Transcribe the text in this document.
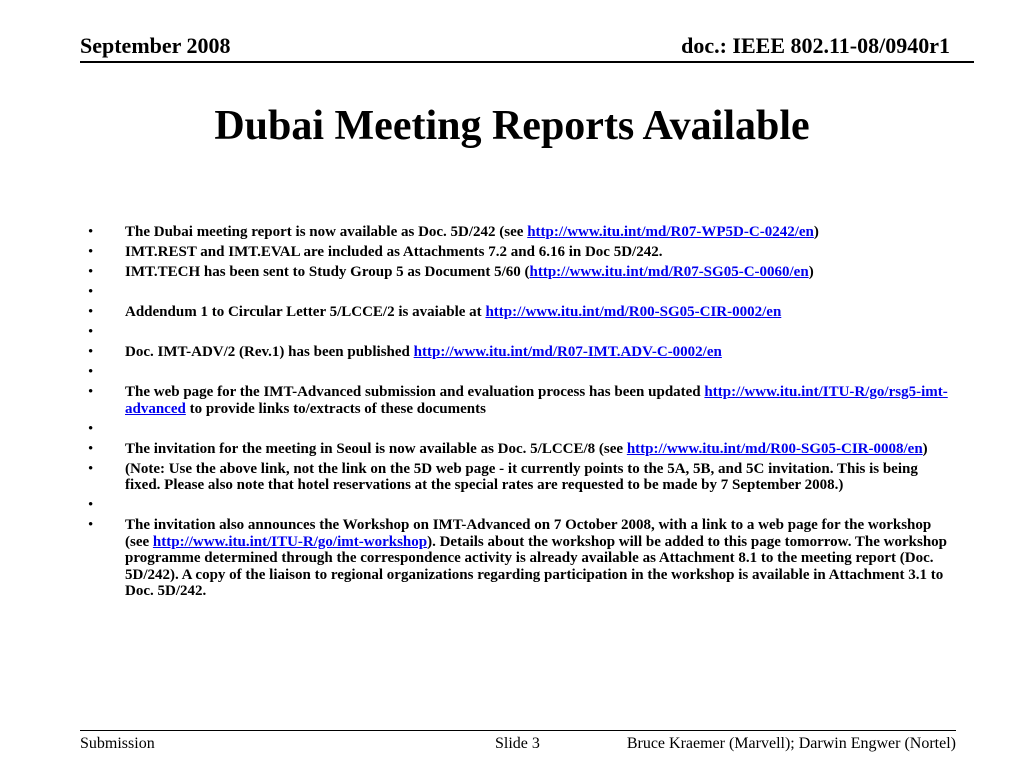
September 2008	doc.: IEEE 802.11-08/0940r1
Dubai Meeting Reports Available
• The Dubai meeting report is now available as Doc. 5D/242 (see http://www.itu.int/md/R07-WP5D-C-0242/en)
• IMT.REST and IMT.EVAL are included as Attachments 7.2 and 6.16 in Doc 5D/242.
• IMT.TECH has been sent to Study Group 5 as Document 5/60 (http://www.itu.int/md/R07-SG05-C-0060/en)
•
• Addendum 1 to Circular Letter 5/LCCE/2 is avaiable at http://www.itu.int/md/R00-SG05-CIR-0002/en
•
• Doc. IMT-ADV/2 (Rev.1) has been published http://www.itu.int/md/R07-IMT.ADV-C-0002/en
•
• The web page for the IMT-Advanced submission and evaluation process has been updated http://www.itu.int/ITU-R/go/rsg5-imt-advanced to provide links to/extracts of these documents
•
• The invitation for the meeting in Seoul is now available as Doc. 5/LCCE/8 (see http://www.itu.int/md/R00-SG05-CIR-0008/en)
• (Note: Use the above link, not the link on the 5D web page - it currently points to the 5A, 5B, and 5C invitation. This is being fixed. Please also note that hotel reservations at the special rates are requested to be made by 7 September 2008.)
•
• The invitation also announces the Workshop on IMT-Advanced on 7 October 2008, with a link to a web page for the workshop (see http://www.itu.int/ITU-R/go/imt-workshop). Details about the workshop will be added to this page tomorrow. The workshop programme determined through the correspondence activity is already available as Attachment 8.1 to the meeting report (Doc. 5D/242). A copy of the liaison to regional organizations regarding participation in the workshop is available in Attachment 3.1 to Doc. 5D/242.
Submission	Slide 3	Bruce Kraemer (Marvell); Darwin Engwer (Nortel)
